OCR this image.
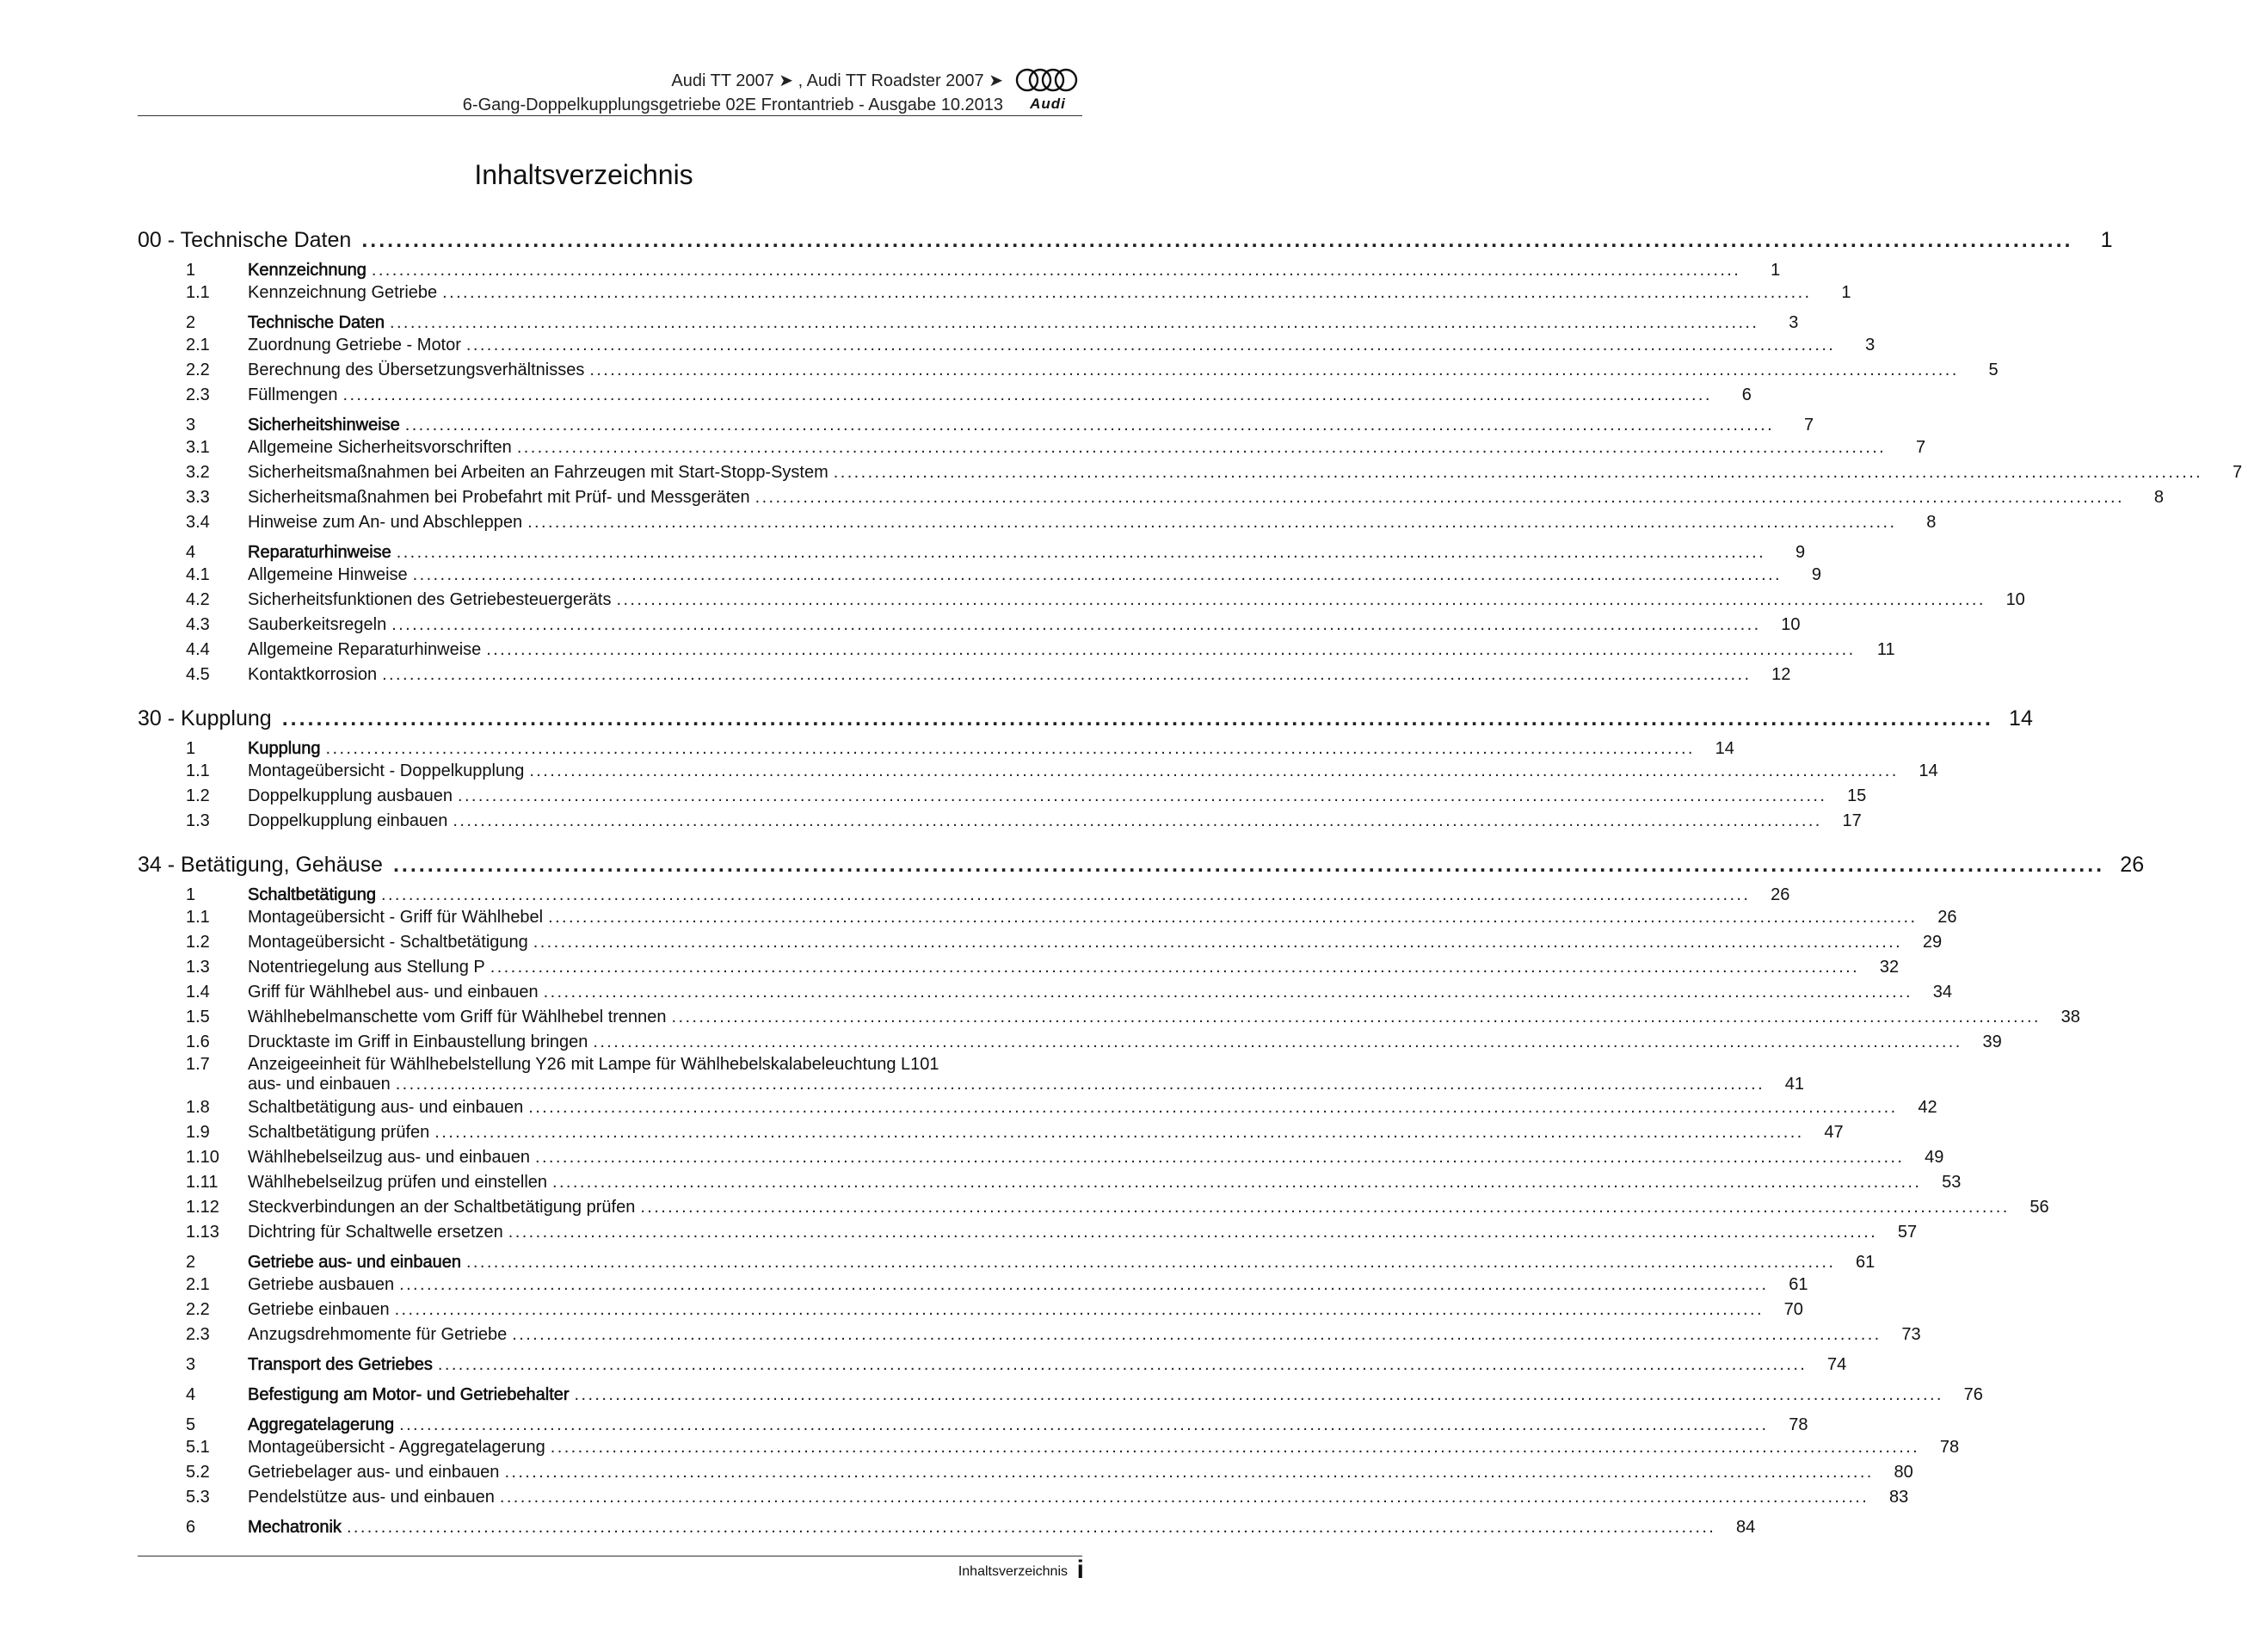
Audi TT 2007 ➤ , Audi TT Roadster 2007 ➤
6-Gang-Doppelkupplungsgetriebe 02E Frontantrieb - Ausgabe 10.2013	Audi
Inhaltsverzeichnis
00 - Technische Daten ........................................................................................................................................................................................................	1
1	Kennzeichnung ........................................................................................................................................................................................................	1
1.1	Kennzeichnung Getriebe ........................................................................................................................................................................................................	1
2	Technische Daten ........................................................................................................................................................................................................	3
2.1	Zuordnung Getriebe - Motor ........................................................................................................................................................................................................	3
2.2	Berechnung des Übersetzungsverhältnisses ........................................................................................................................................................................................................	5
2.3	Füllmengen ........................................................................................................................................................................................................	6
3	Sicherheitshinweise ........................................................................................................................................................................................................	7
3.1	Allgemeine Sicherheitsvorschriften ........................................................................................................................................................................................................	7
3.2	Sicherheitsmaßnahmen bei Arbeiten an Fahrzeugen mit Start-Stopp-System ........................................................................................................................................................................................................	7
3.3	Sicherheitsmaßnahmen bei Probefahrt mit Prüf- und Messgeräten ........................................................................................................................................................................................................	8
3.4	Hinweise zum An- und Abschleppen ........................................................................................................................................................................................................	8
4	Reparaturhinweise ........................................................................................................................................................................................................	9
4.1	Allgemeine Hinweise ........................................................................................................................................................................................................	9
4.2	Sicherheitsfunktionen des Getriebesteuergeräts ........................................................................................................................................................................................................	10
4.3	Sauberkeitsregeln ........................................................................................................................................................................................................	10
4.4	Allgemeine Reparaturhinweise ........................................................................................................................................................................................................	11
4.5	Kontaktkorrosion ........................................................................................................................................................................................................	12
30 - Kupplung ........................................................................................................................................................................................................ 14
1	Kupplung ........................................................................................................................................................................................................	14
1.1	Montageübersicht - Doppelkupplung ........................................................................................................................................................................................................	14
1.2	Doppelkupplung ausbauen ........................................................................................................................................................................................................	15
1.3	Doppelkupplung einbauen ........................................................................................................................................................................................................	17
34 - Betätigung, Gehäuse ........................................................................................................................................................................................................ 26
1	Schaltbetätigung ........................................................................................................................................................................................................	26
1.1	Montageübersicht - Griff für Wählhebel ........................................................................................................................................................................................................	26
1.2	Montageübersicht - Schaltbetätigung ........................................................................................................................................................................................................	29
1.3	Notentriegelung aus Stellung P ........................................................................................................................................................................................................	32
1.4	Griff für Wählhebel aus- und einbauen ........................................................................................................................................................................................................	34
1.5	Wählhebelmanschette vom Griff für Wählhebel trennen ........................................................................................................................................................................................................	38
1.6	Drucktaste im Griff in Einbaustellung bringen ........................................................................................................................................................................................................	39
1.7	Anzeigeeinheit für Wählhebelstellung Y26 mit Lampe für Wählhebelskalabeleuchtung L101
aus- und einbauen ........................................................................................................................................................................................................	41
1.8	Schaltbetätigung aus- und einbauen ........................................................................................................................................................................................................	42
1.9	Schaltbetätigung prüfen ........................................................................................................................................................................................................	47
1.10	Wählhebelseilzug aus- und einbauen ........................................................................................................................................................................................................	49
1.11	Wählhebelseilzug prüfen und einstellen ........................................................................................................................................................................................................	53
1.12	Steckverbindungen an der Schaltbetätigung prüfen ........................................................................................................................................................................................................	56
1.13	Dichtring für Schaltwelle ersetzen ........................................................................................................................................................................................................	57
2	Getriebe aus- und einbauen ........................................................................................................................................................................................................	61
2.1	Getriebe ausbauen ........................................................................................................................................................................................................	61
2.2	Getriebe einbauen ........................................................................................................................................................................................................	70
2.3	Anzugsdrehmomente für Getriebe ........................................................................................................................................................................................................	73
3	Transport des Getriebes ........................................................................................................................................................................................................	74
4	Befestigung am Motor- und Getriebehalter ........................................................................................................................................................................................................	76
5	Aggregatelagerung ........................................................................................................................................................................................................	78
5.1	Montageübersicht - Aggregatelagerung ........................................................................................................................................................................................................	78
5.2	Getriebelager aus- und einbauen ........................................................................................................................................................................................................	80
5.3	Pendelstütze aus- und einbauen ........................................................................................................................................................................................................	83
6	Mechatronik ........................................................................................................................................................................................................	84
Inhaltsverzeichnis i
